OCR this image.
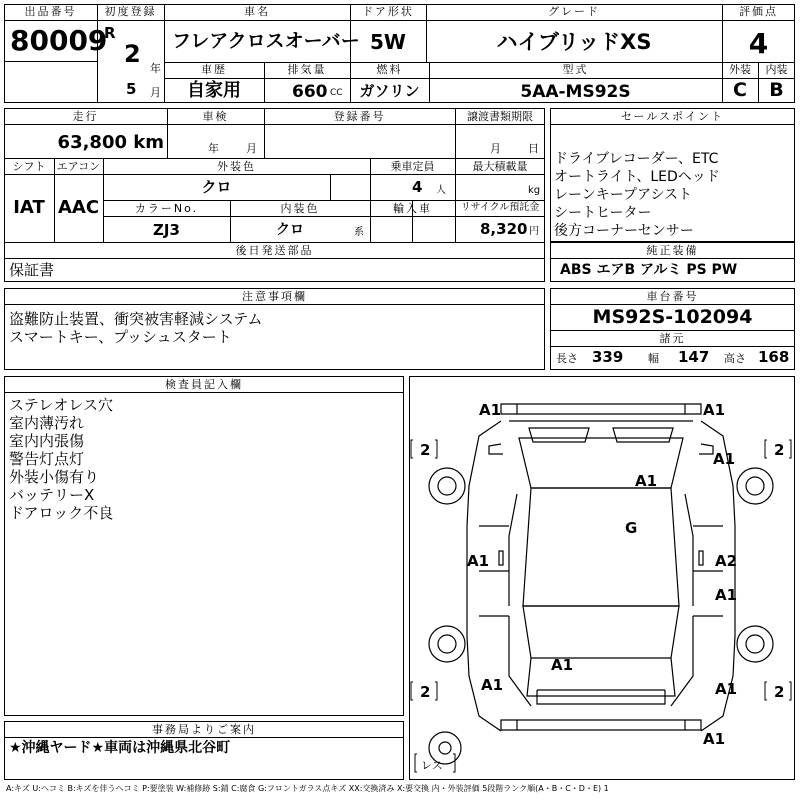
出品番号
80009
初度登録
R
2
年
5 月
車名
フレアクロスオーバー
ドア形状
5W
グレード
ハイブリッドXS
評価点
4
車歴
自家用
排気量
660 CC
燃料
ガソリン
型式
5AA-MS92S
外装
C
内装
B
走行
63,800 km
車検
年 月
登録番号	譲渡書類期限
月 日
シフト
IAT
エアコン
AAC
外装色
クロ
乗車定員
4 人
最大積載量
kg
カラーNo.
ZJ3
内装色
クロ	系
輸入車	リサイクル預託金
8,320 円
後日発送部品
保証書
セールスポイント
ドライブレコーダー、ETC
オートライト、LEDヘッド
レーンキープアシスト
シートヒーター
後方コーナーセンサー
純正装備
ABS エアB アルミ PS PW
注意事項欄
盗難防止装置、衝突被害軽減システム
スマートキー、プッシュスタート
車台番号
MS92S-102094
諸元
長さ 339 幅 147 高さ 168
検査員記入欄
ステレオレス穴
室内薄汚れ
室内内張傷
警告灯点灯
外装小傷有り
バッテリーX
ドアロック不良
A1	A1
A1
A1
G
A1	A2
A1
A1
A1	A1
A1
2	2
2	2
レス
事務局よりご案内
★沖縄ヤード★車両は沖縄県北谷町
A:キズ U:ヘコミ B:キズを伴うヘコミ P:要塗装 W:補修跡 S:錆 C:腐食 G:フロントガラス点キズ XX:交換済み X:要交換 内・外装評価 5段階ランク順(A・B・C・D・E) 1
